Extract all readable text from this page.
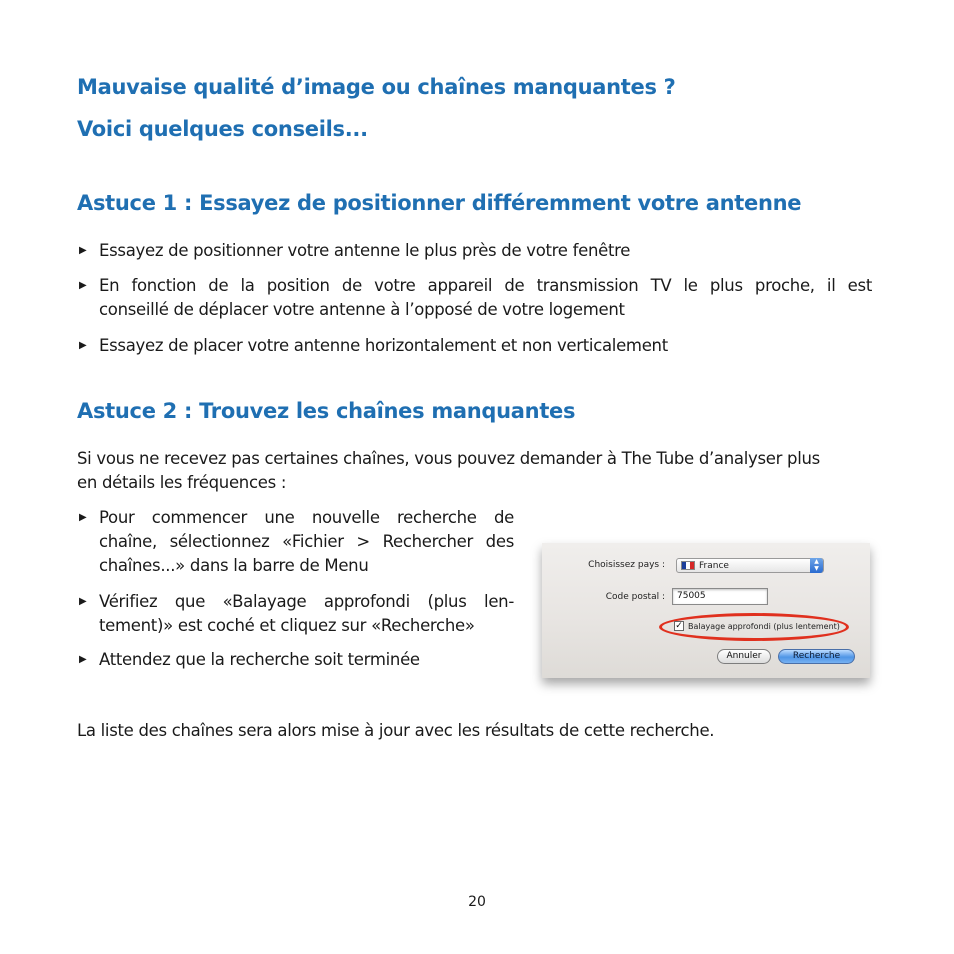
Mauvaise qualité d’image ou chaînes manquantes ?
Voici quelques conseils...
Astuce 1 : Essayez de positionner différemment votre antenne
▶ Essayez de positionner votre antenne le plus près de votre fenêtre
▶ En fonction de la position de votre appareil de transmission TV le plus proche, il est
conseillé de déplacer votre antenne à l’opposé de votre logement
▶ Essayez de placer votre antenne horizontalement et non verticalement
Astuce 2 : Trouvez les chaînes manquantes
Si vous ne recevez pas certaines chaînes, vous pouvez demander à The Tube d’analyser plus
en détails les fréquences :
▶ Pour commencer une nouvelle recherche de
chaîne, sélectionnez «Fichier > Rechercher des
chaînes...» dans la barre de Menu
▶ Vérifiez que «Balayage approfondi (plus len-
tement)» est coché et cliquez sur «Recherche»
▶ Attendez que la recherche soit terminée
Choisissez pays :	France	▲
▼
Code postal :	75005
✓ Balayage approfondi (plus lentement)
Annuler	Recherche
La liste des chaînes sera alors mise à jour avec les résultats de cette recherche.
20
